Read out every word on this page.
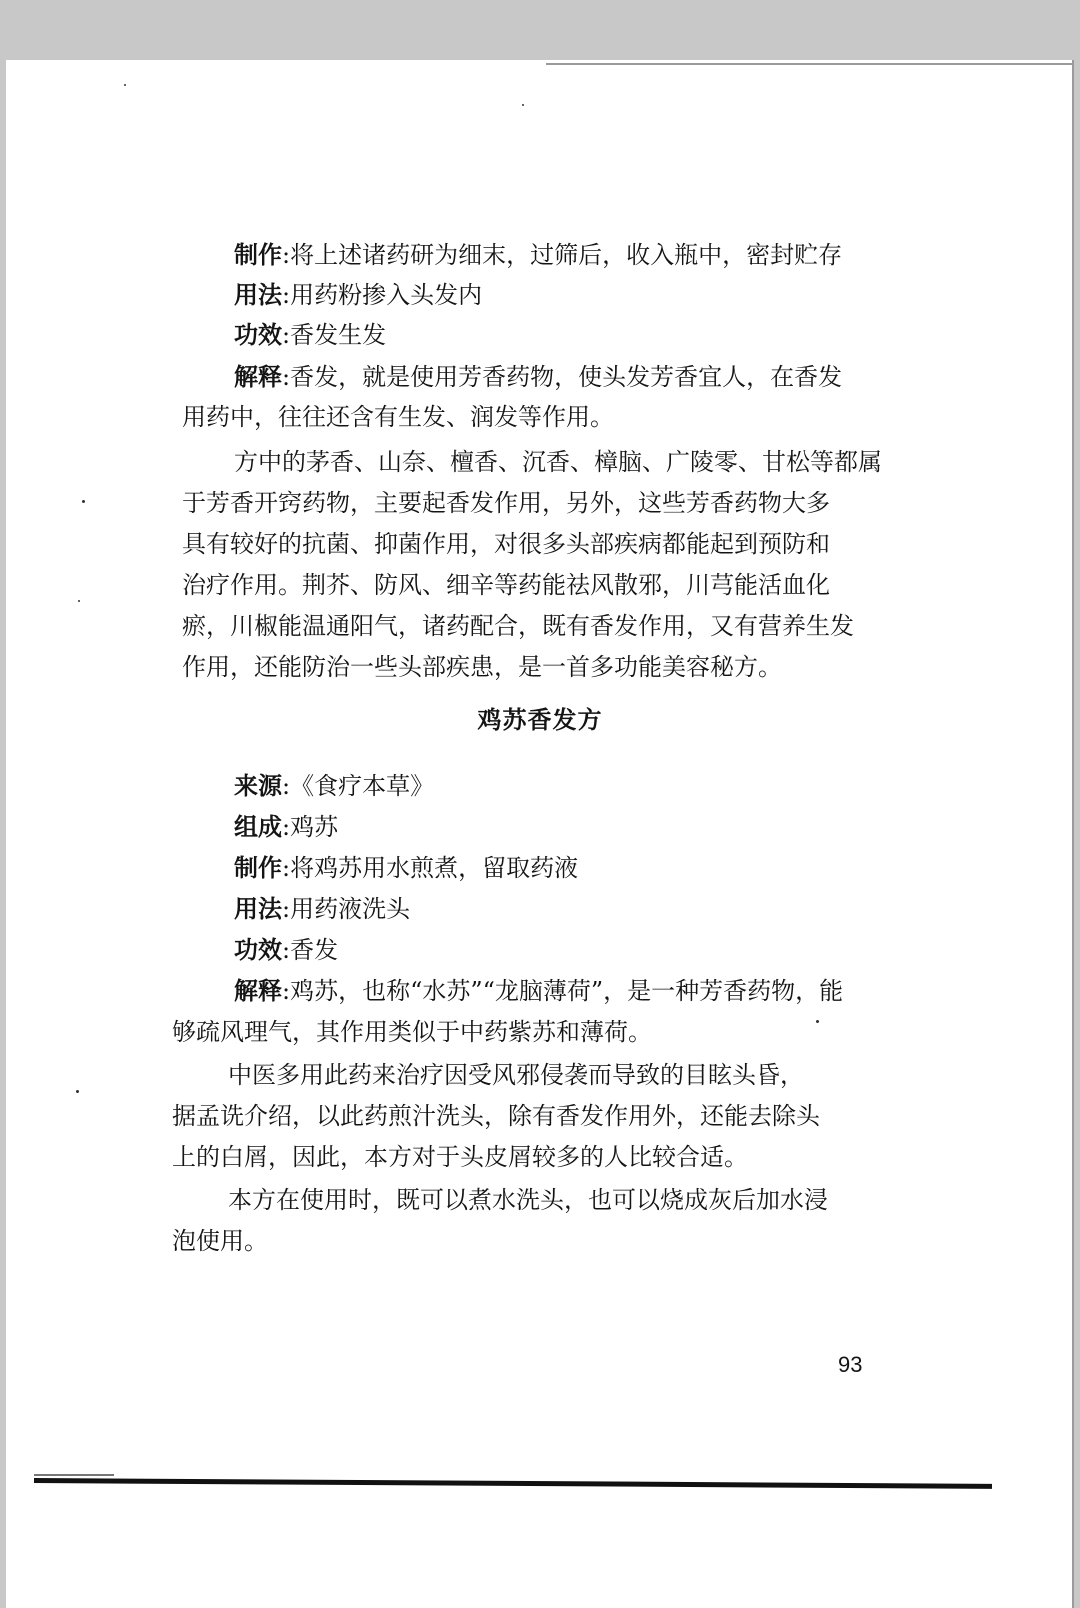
制作:将上述诸药研为细末，过筛后，收入瓶中，密封贮存

用法:用药粉掺入头发内

功效:香发生发

解释:香发，就是使用芳香药物，使头发芳香宜人，在香发

用药中，往往还含有生发、润发等作用。

方中的茅香、山奈、檀香、沉香、樟脑、广陵零、甘松等都属

于芳香开窍药物，主要起香发作用，另外，这些芳香药物大多

具有较好的抗菌、抑菌作用，对很多头部疾病都能起到预防和

治疗作用。荆芥、防风、细辛等药能祛风散邪，川芎能活血化

瘀，川椒能温通阳气，诸药配合，既有香发作用，又有营养生发

作用，还能防治一些头部疾患，是一首多功能美容秘方。

鸡苏香发方

来源:《食疗本草》

组成:鸡苏

制作:将鸡苏用水煎煮，留取药液

用法:用药液洗头

功效:香发

解释:鸡苏，也称“水苏”“龙脑薄荷”，是一种芳香药物，能

够疏风理气，其作用类似于中药紫苏和薄荷。

中医多用此药来治疗因受风邪侵袭而导致的目眩头昏，

据孟诜介绍，以此药煎汁洗头，除有香发作用外，还能去除头

上的白屑，因此，本方对于头皮屑较多的人比较合适。

本方在使用时，既可以煮水洗头，也可以烧成灰后加水浸

泡使用。

93
